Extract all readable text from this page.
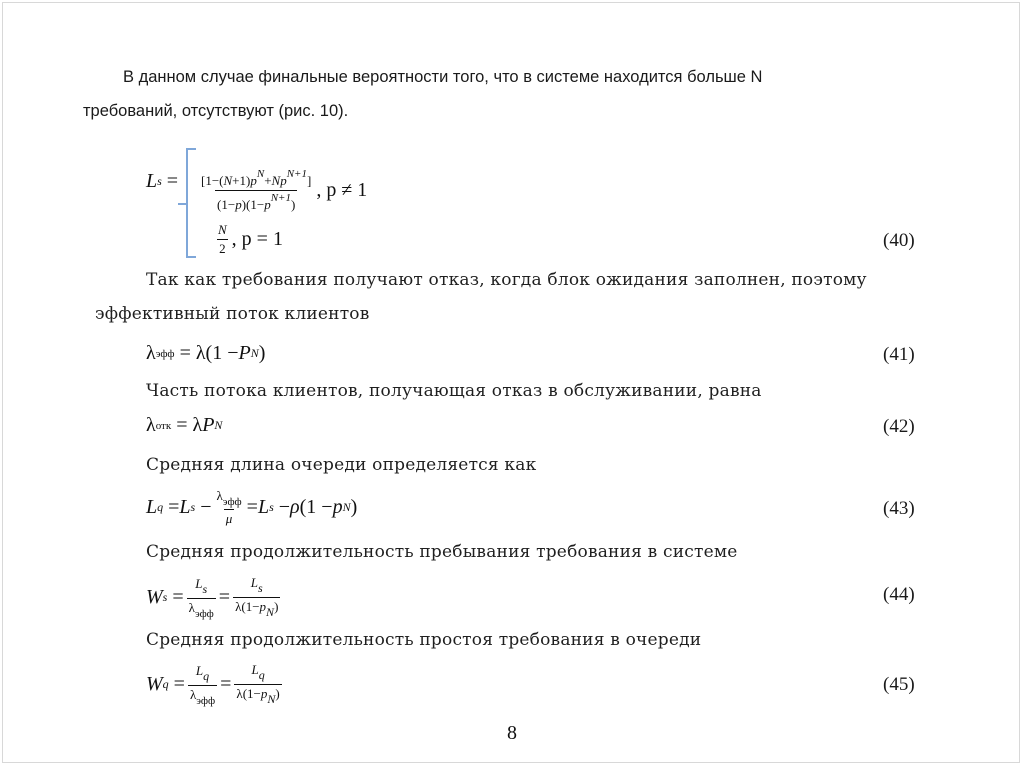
В данном случае финальные вероятности того, что в системе находится больше N
требований, отсутствуют (рис. 10).
L $s = \frac{[1-(N+1)p^N+Np^{N+1}]}{(1-p)(1-p^{N+1})}$ , p ≠ 1
$\frac{N}{2}$ , p = 1	(40)
Так как требования получают отказ, когда блок ожидания заполнен, поэтому
эффективный поток клиентов
λ эфф = λ(1 − P N )	(41)
Часть потока клиентов, получающая отказ в обслуживании, равна
λ отк = λ P N	(42)
Средняя длина очереди определяется как
L q = L $s - \frac{\lambda_{эфф}}{\mu} = L$ s − ρ (1 − p N )	(43)
Средняя продолжительность пребывания требования в системе
W $s = \frac{Ls}{\lambda_{эфф}} = \frac{Ls}{\lambda(1-pN)}$	(44)
Средняя продолжительность простоя требования в очереди
W $q = \frac{Lq}{\lambda_{эфф}} = \frac{Lq}{\lambda(1-pN)}$	(45)
8
